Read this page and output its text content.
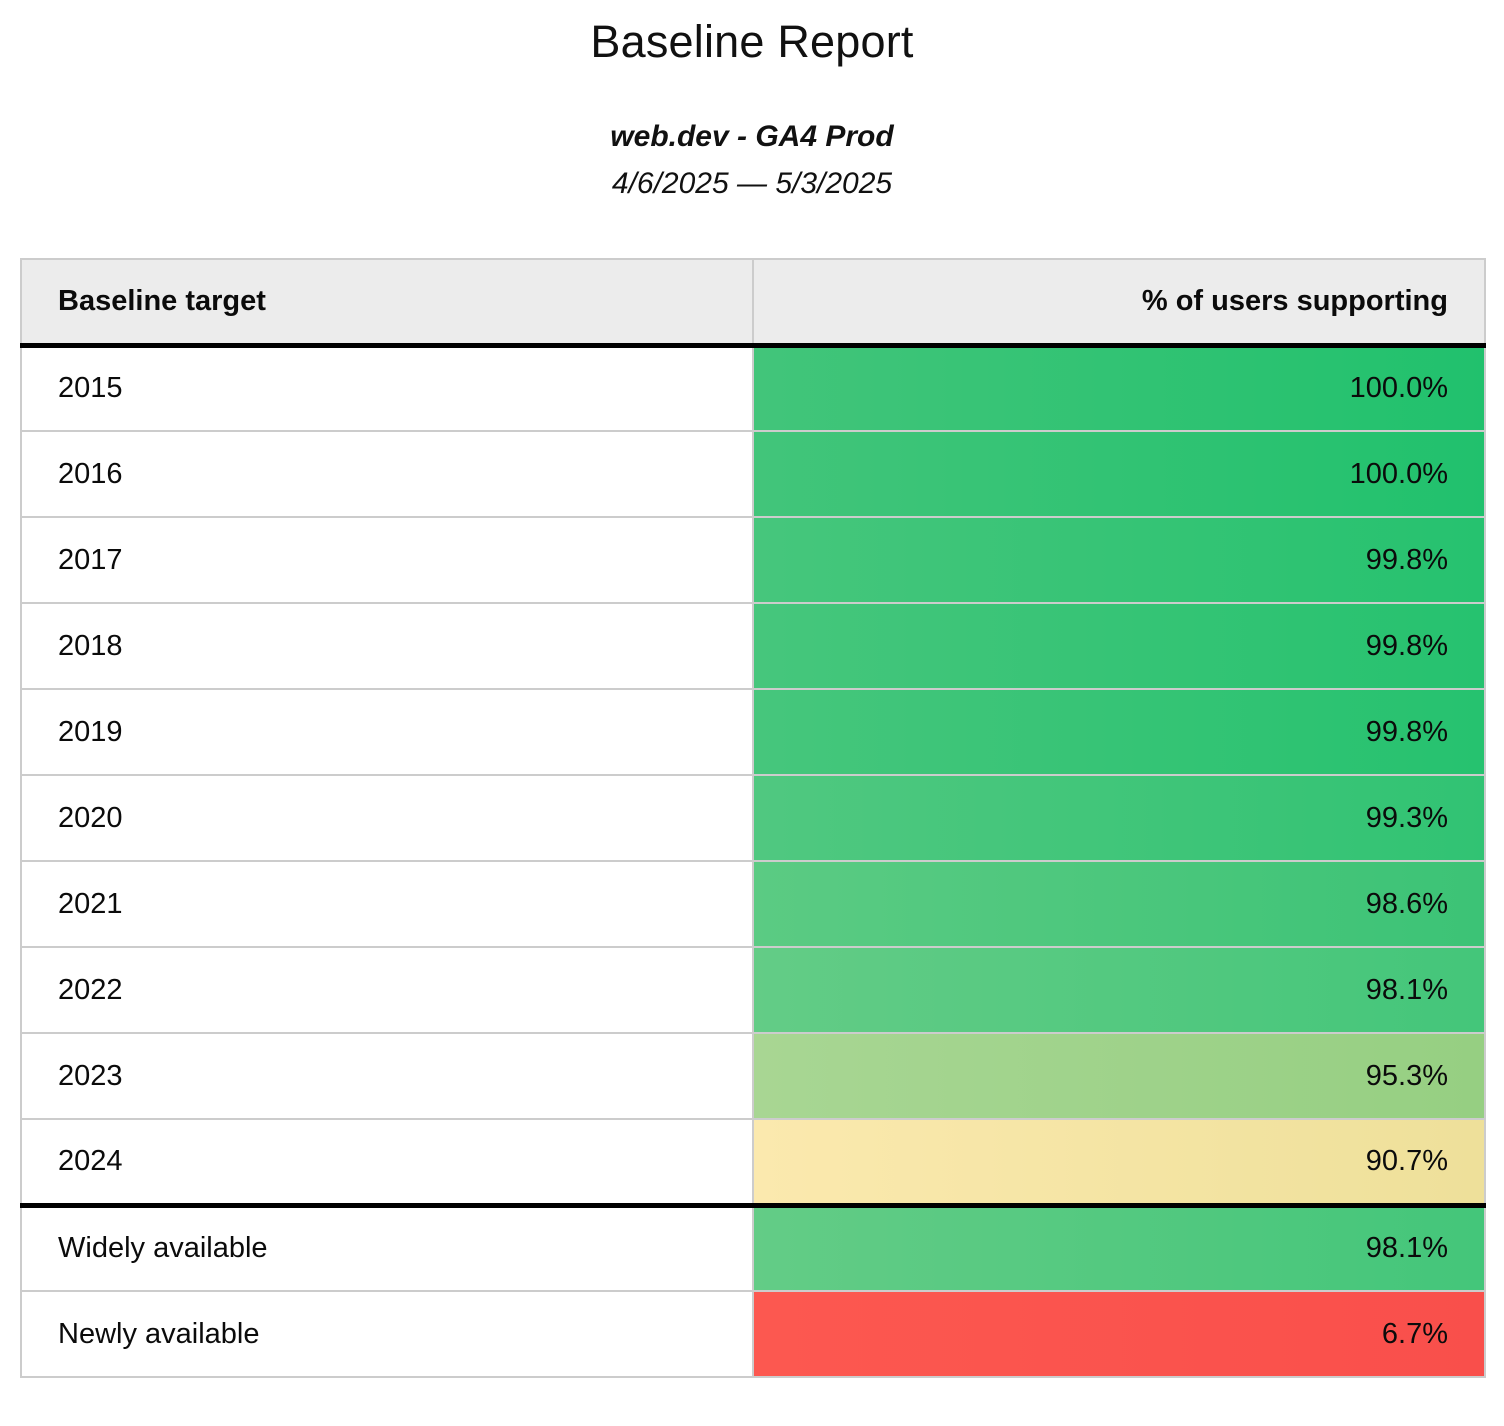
Baseline Report
web.dev - GA4 Prod
4/6/2025 — 5/3/2025
Baseline target	% of users supporting
2015	100.0%
2016	100.0%
2017	99.8%
2018	99.8%
2019	99.8%
2020	99.3%
2021	98.6%
2022	98.1%
2023	95.3%
2024	90.7%
Widely available	98.1%
Newly available	6.7%
